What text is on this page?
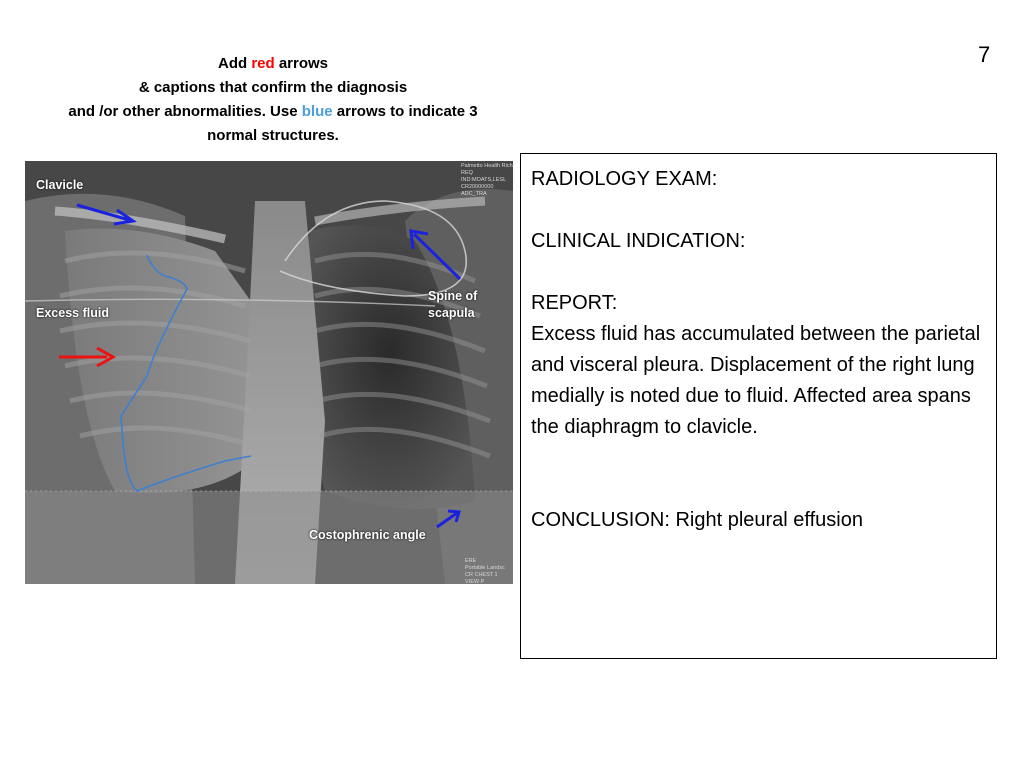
7
Add red arrows
& captions that confirm the diagnosis
and /or other abnormalities. Use blue arrows to indicate 3
normal structures.
Clavicle
Excess fluid
Spine of
scapula
Costophrenic angle
Palmetto Health Rich
REQ IND:MOATS,LESL
CR20000000
ADC_TRA
ERE
Portable Landsc
CR CHEST 1 VIEW P

RADIOLOGY EXAM:

CLINICAL INDICATION:

REPORT:

Excess fluid has accumulated between the parietal and visceral pleura. Displacement of the right lung medially is noted due to fluid. Affected area spans the diaphragm to clavicle.

CONCLUSION: Right pleural effusion
